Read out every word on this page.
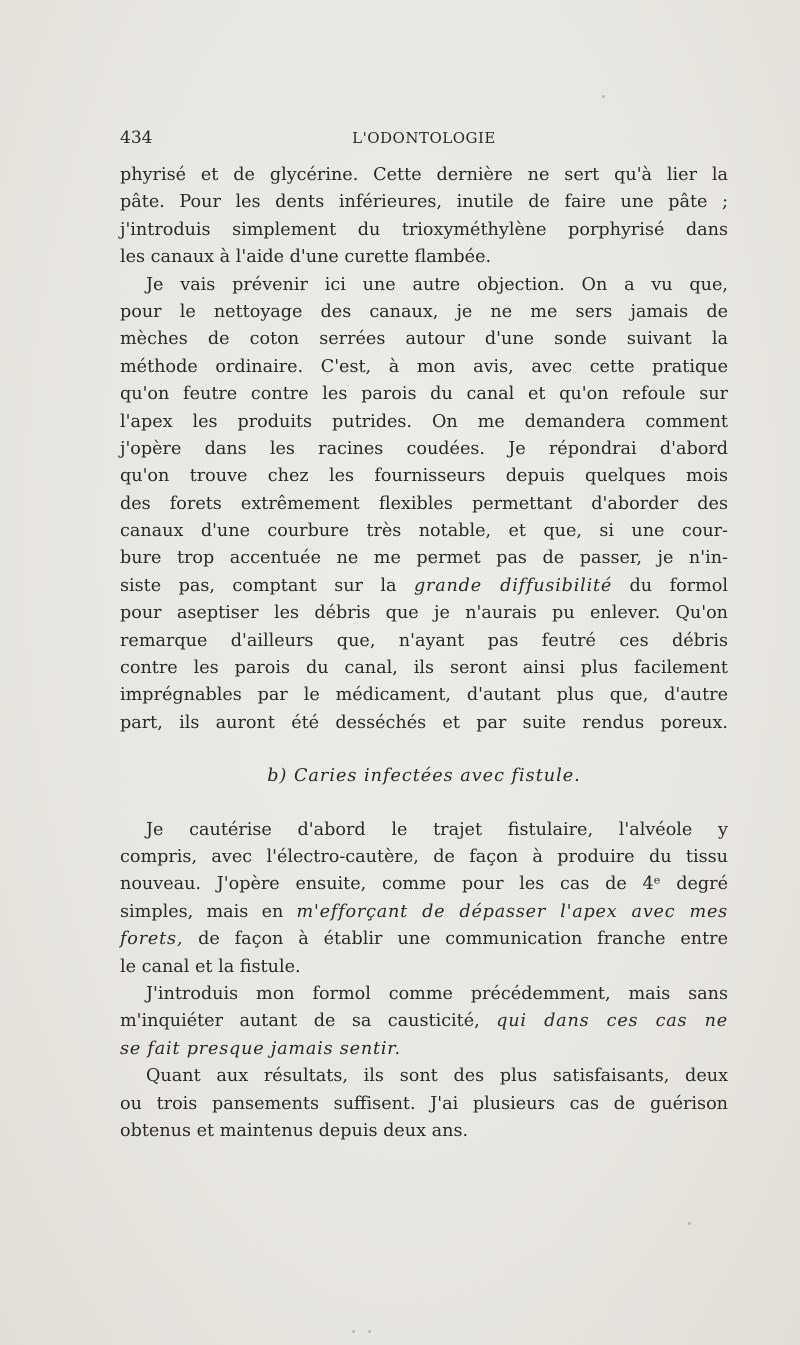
434	L'ODONTOLOGIE
phyrisé et de glycérine. Cette dernière ne sert qu'à lier la
pâte. Pour les dents inférieures, inutile de faire une pâte ;
j'introduis simplement du trioxyméthylène porphyrisé dans
les canaux à l'aide d'une curette flambée.
Je vais prévenir ici une autre objection. On a vu que,
pour le nettoyage des canaux, je ne me sers jamais de
mèches de coton serrées autour d'une sonde suivant la
méthode ordinaire. C'est, à mon avis, avec cette pratique
qu'on feutre contre les parois du canal et qu'on refoule sur
l'apex les produits putrides. On me demandera comment
j'opère dans les racines coudées. Je répondrai d'abord
qu'on trouve chez les fournisseurs depuis quelques mois
des forets extrêmement flexibles permettant d'aborder des
canaux d'une courbure très notable, et que, si une cour-
bure trop accentuée ne me permet pas de passer, je n'in-
siste pas, comptant sur la grande diffusibilité du formol
pour aseptiser les débris que je n'aurais pu enlever. Qu'on
remarque d'ailleurs que, n'ayant pas feutré ces débris
contre les parois du canal, ils seront ainsi plus facilement
imprégnables par le médicament, d'autant plus que, d'autre
part, ils auront été desséchés et par suite rendus poreux.
b) Caries infectées avec fistule.
Je cautérise d'abord le trajet fistulaire, l'alvéole y
compris, avec l'électro-cautère, de façon à produire du tissu
nouveau. J'opère ensuite, comme pour les cas de 4ᵉ degré
simples, mais en m'efforçant de dépasser l'apex avec mes
forets, de façon à établir une communication franche entre
le canal et la fistule.
J'introduis mon formol comme précédemment, mais sans
m'inquiéter autant de sa causticité, qui dans ces cas ne
se fait presque jamais sentir.
Quant aux résultats, ils sont des plus satisfaisants, deux
ou trois pansements suffisent. J'ai plusieurs cas de guérison
obtenus et maintenus depuis deux ans.
